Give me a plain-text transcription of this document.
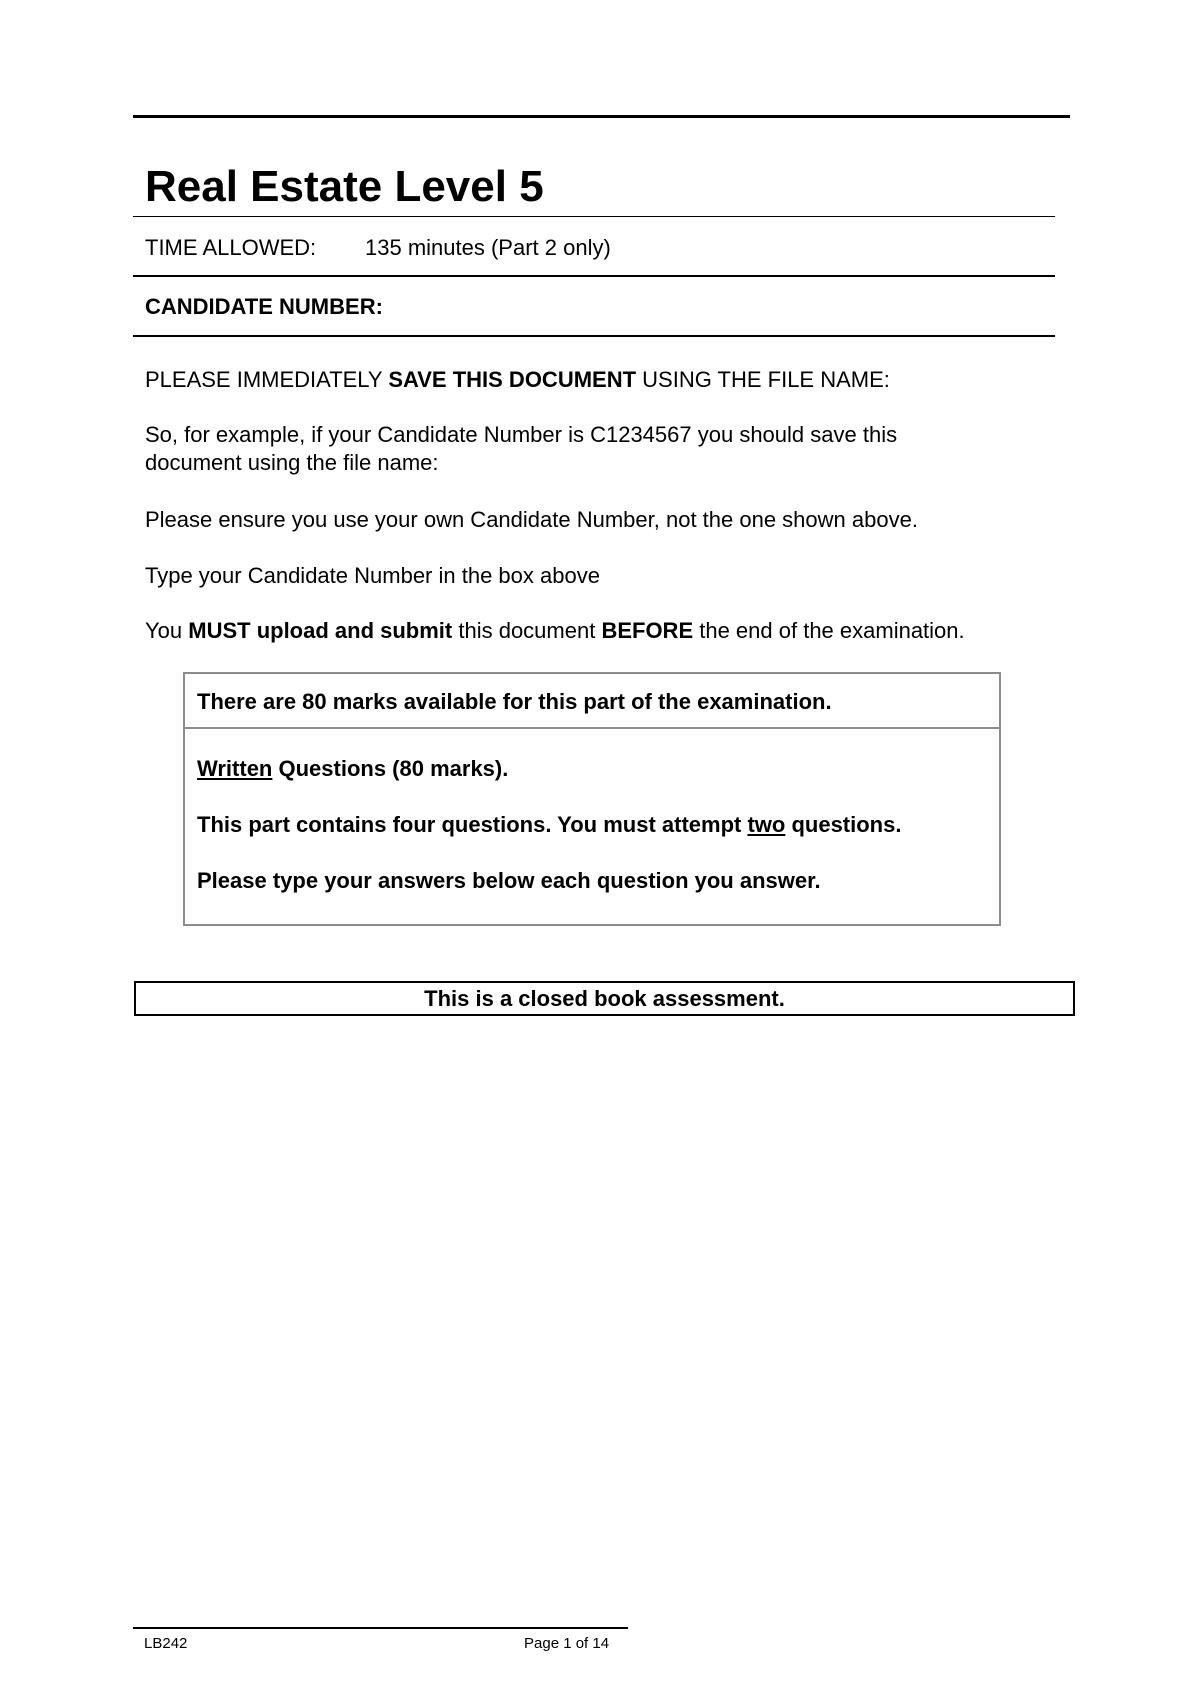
Real Estate Level 5
TIME ALLOWED: 135 minutes (Part 2 only)
CANDIDATE NUMBER:

PLEASE IMMEDIATELY SAVE THIS DOCUMENT USING THE FILE NAME:

So, for example, if your Candidate Number is C1234567 you should save this
document using the file name:

Please ensure you use your own Candidate Number, not the one shown above.

Type your Candidate Number in the box above

You MUST upload and submit this document BEFORE the end of the examination.

There are 80 marks available for this part of the examination.

Written Questions (80 marks).

This part contains four questions. You must attempt two questions.

Please type your answers below each question you answer.

This is a closed book assessment.
LB242	Page 1 of 14
